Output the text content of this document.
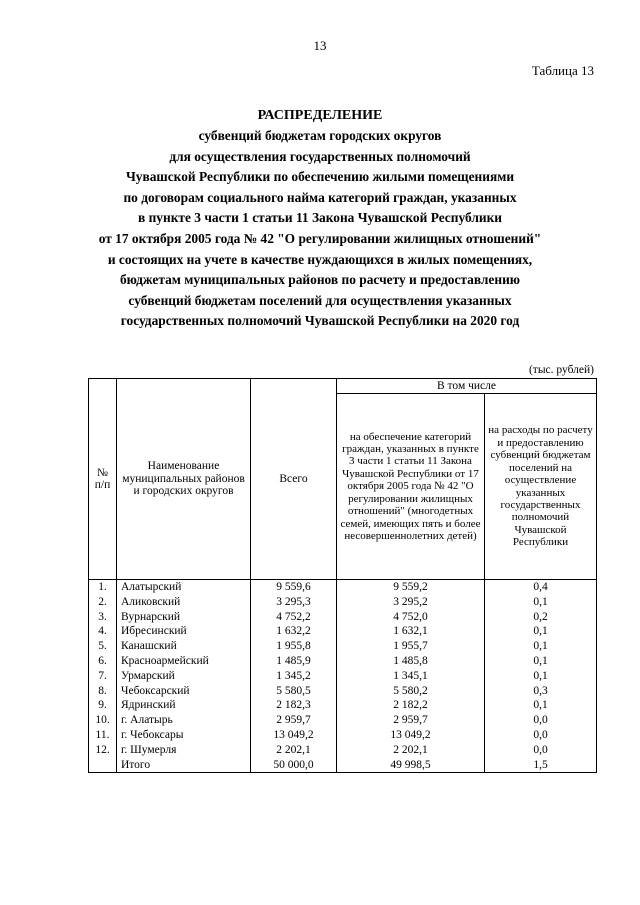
13
Таблица 13
РАСПРЕДЕЛЕНИЕ
субвенций бюджетам городских округов
для осуществления государственных полномочий
Чувашской Республики по обеспечению жилыми помещениями
по договорам социального найма категорий граждан, указанных
в пункте 3 части 1 статьи 11 Закона Чувашской Республики
от 17 октября 2005 года № 42 "О регулировании жилищных отношений"
и состоящих на учете в качестве нуждающихся в жилых помещениях,
бюджетам муниципальных районов по расчету и предоставлению
субвенций бюджетам поселений для осуществления указанных
государственных полномочий Чувашской Республики на 2020 год
(тыс. рублей)
№ п/п	Наименование муниципальных районов и городских округов	Всего	В том числе	
			на обеспечение категорий граждан, указанных в пункте 3 части 1 статьи 11 Закона Чувашской Республики от 17 октября 2005 года № 42 "О регулировании жилищных отношений" (многодетных семей, имеющих пять и более несовершеннолетних детей)	на расходы по расчету и предоставлению субвенций бюджетам поселений на осуществление указанных государственных полномочий Чувашской Республики
1.	Алатырский	9 559,6	9 559,2	0,4
2.	Аликовский	3 295,3	3 295,2	0,1
3.	Вурнарский	4 752,2	4 752,0	0,2
4.	Ибресинский	1 632,2	1 632,1	0,1
5.	Канашский	1 955,8	1 955,7	0,1
6.	Красноармейский	1 485,9	1 485,8	0,1
7.	Урмарский	1 345,2	1 345,1	0,1
8.	Чебоксарский	5 580,5	5 580,2	0,3
9.	Ядринский	2 182,3	2 182,2	0,1
10.	г. Алатырь	2 959,7	2 959,7	0,0
11.	г. Чебоксары	13 049,2	13 049,2	0,0
12.	г. Шумерля	2 202,1	2 202,1	0,0
	Итого	50 000,0	49 998,5	1,5
